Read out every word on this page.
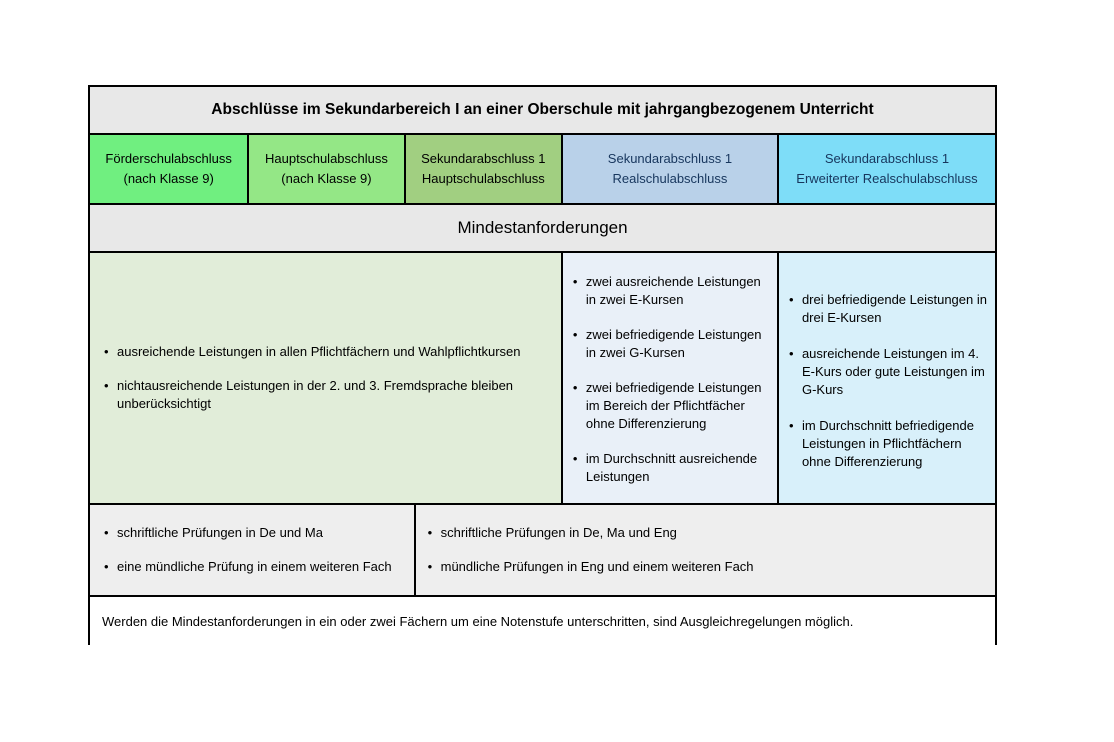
Abschlüsse im Sekundarbereich I an einer Oberschule mit jahrgangbezogenem Unterricht
Förderschulabschluss
(nach Klasse 9)
Hauptschulabschluss
(nach Klasse 9)
Sekundarabschluss 1
Hauptschulabschluss
Sekundarabschluss 1
Realschulabschluss
Sekundarabschluss 1
Erweiterter Realschulabschluss
Mindestanforderungen
•
ausreichende Leistungen in allen Pflichtfächern und Wahlpflichtkursen
•
nichtausreichende Leistungen in der 2. und 3. Fremdsprache bleiben unberücksichtigt
•
zwei ausreichende Leistungen in zwei E-Kursen
•
zwei befriedigende Leistungen in zwei G-Kursen
•
zwei befriedigende Leistungen im Bereich der Pflichtfächer ohne Differenzierung
•
im Durchschnitt ausreichende Leistungen
•
drei befriedigende Leistungen in drei E-Kursen
•
ausreichende Leistungen im 4. E-Kurs oder gute Leistungen im G-Kurs
•
im Durchschnitt befriedigende Leistungen in Pflichtfächern ohne Differenzierung
•
schriftliche Prüfungen in De und Ma
•
eine mündliche Prüfung in einem weiteren Fach
•
schriftliche Prüfungen in De, Ma und Eng
•
mündliche Prüfungen in Eng und einem weiteren Fach
Werden die Mindestanforderungen in ein oder zwei Fächern um eine Notenstufe unterschritten, sind Ausgleichregelungen möglich.
